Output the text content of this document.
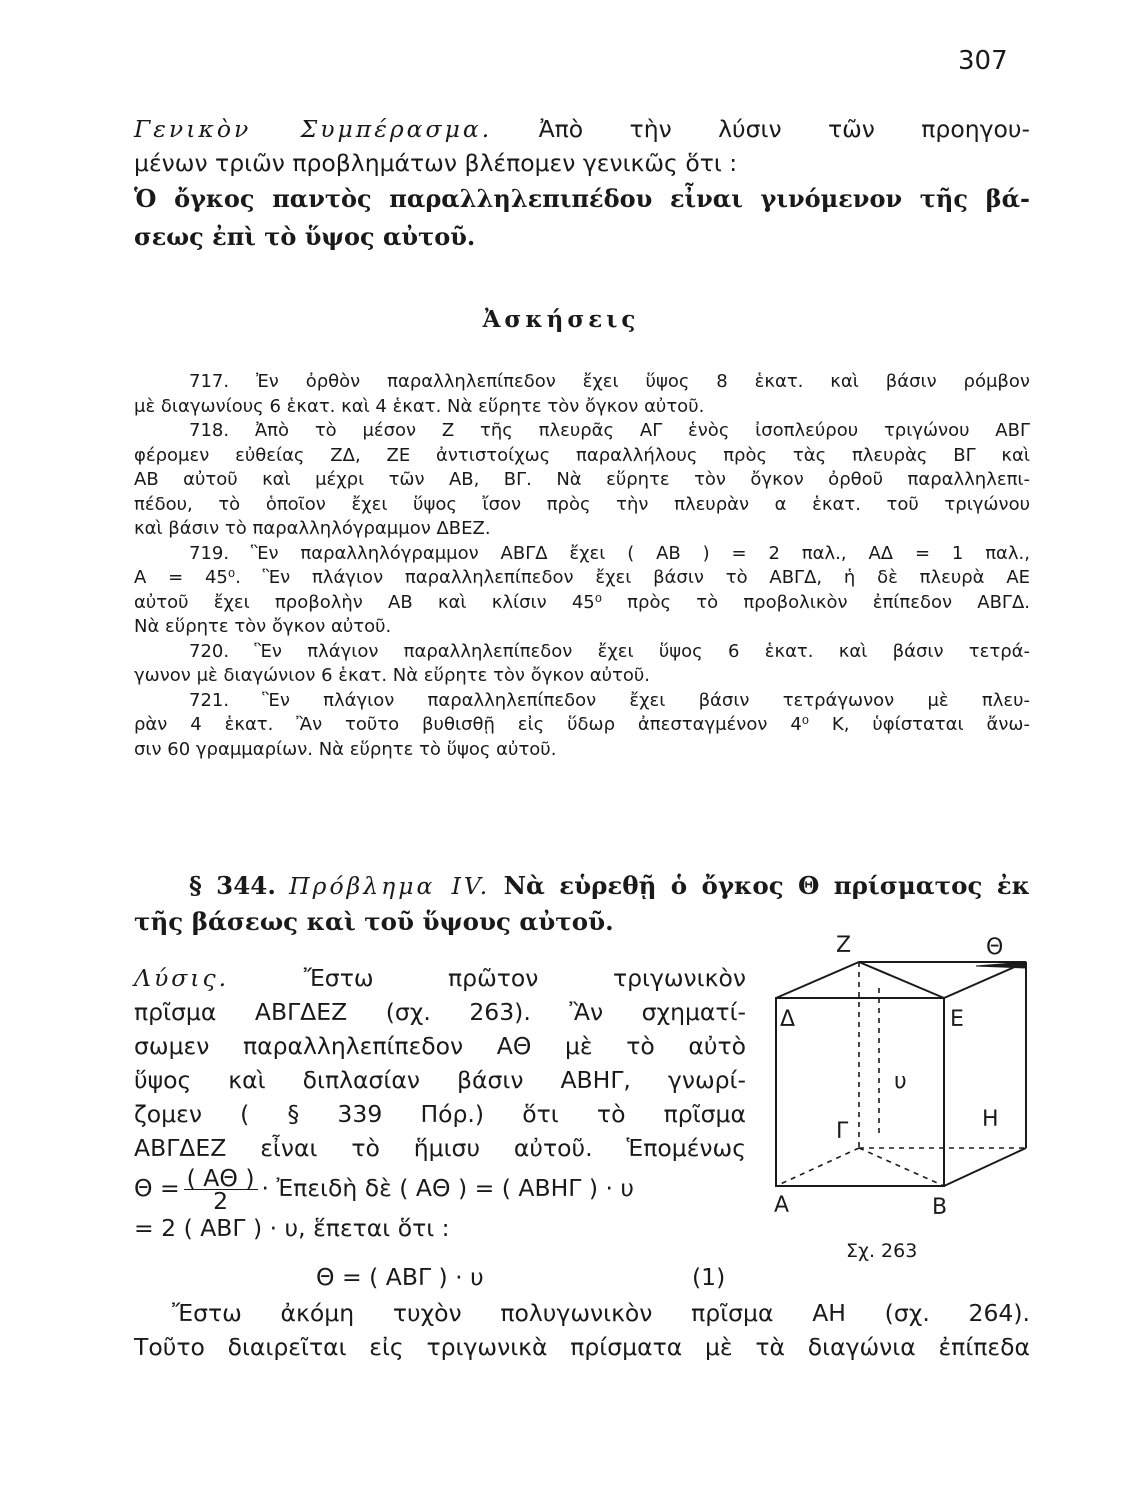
307
Γενικὸν Συμπέρασμα. Ἀπὸ τὴν λύσιν τῶν προηγου-
μένων τριῶν προβλημάτων βλέπομεν γενικῶς ὅτι :
Ὁ ὄγκος παντὸς παραλληλεπιπέδου εἶναι γινόμενον τῆς βά-
σεως ἐπὶ τὸ ὕψος αὐτοῦ.
Ἀσκήσεις
717. Ἐν ὀρθὸν παραλληλεπίπεδον ἔχει ὕψος 8 ἑκατ. καὶ βάσιν ρόμβον
μὲ διαγωνίους 6 ἑκατ. καὶ 4 ἑκατ. Νὰ εὕρητε τὸν ὄγκον αὐτοῦ.
718. Ἀπὸ τὸ μέσον Ζ τῆς πλευρᾶς ΑΓ ἑνὸς ἰσοπλεύρου τριγώνου ΑΒΓ
φέρομεν εὐθείας ΖΔ, ΖΕ ἀντιστοίχως παραλλήλους πρὸς τὰς πλευρὰς ΒΓ καὶ
ΑΒ αὐτοῦ καὶ μέχρι τῶν ΑΒ, ΒΓ. Νὰ εὕρητε τὸν ὄγκον ὀρθοῦ παραλληλεπι-
πέδου, τὸ ὁποῖον ἔχει ὕψος ἴσον πρὸς τὴν πλευρὰν α ἑκατ. τοῦ τριγώνου
καὶ βάσιν τὸ παραλληλόγραμμον ΔΒΕΖ.
719. Ἓν παραλληλόγραμμον ΑΒΓΔ ἔχει ( ΑΒ ) = 2 παλ., ΑΔ = 1 παλ.,
Α = 45⁰. Ἓν πλάγιον παραλληλεπίπεδον ἔχει βάσιν τὸ ΑΒΓΔ, ἡ δὲ πλευρὰ ΑΕ
αὐτοῦ ἔχει προβολὴν ΑΒ καὶ κλίσιν 45⁰ πρὸς τὸ προβολικὸν ἐπίπεδον ΑΒΓΔ.
Νὰ εὕρητε τὸν ὄγκον αὐτοῦ.
720. Ἓν πλάγιον παραλληλεπίπεδον ἔχει ὕψος 6 ἑκατ. καὶ βάσιν τετρά-
γωνον μὲ διαγώνιον 6 ἑκατ. Νὰ εὕρητε τὸν ὄγκον αὐτοῦ.
721. Ἓν πλάγιον παραλληλεπίπεδον ἔχει βάσιν τετράγωνον μὲ πλευ-
ρὰν 4 ἑκατ. Ἂν τοῦτο βυθισθῇ εἰς ὕδωρ ἀπεσταγμένον 4⁰ Κ, ὑφίσταται ἄνω-
σιν 60 γραμμαρίων. Νὰ εὕρητε τὸ ὕψος αὐτοῦ.
§ 344. Πρόβλημα IV. Νὰ εὑρεθῇ ὁ ὄγκος Θ πρίσματος ἐκ
τῆς βάσεως καὶ τοῦ ὕψους αὐτοῦ.
Λύσις.	Ἔστω πρῶτον τριγωνικὸν
πρῖσμα ΑΒΓΔΕΖ (σχ. 263). Ἂν σχηματί-
σωμεν παραλληλεπίπεδον ΑΘ μὲ τὸ αὐτὸ
ὕψος καὶ διπλασίαν βάσιν ΑΒΗΓ, γνωρί-
ζομεν ( § 339 Πόρ.) ὅτι τὸ πρῖσμα
ΑΒΓΔΕΖ εἶναι τὸ ἥμισυ αὐτοῦ. Ἑπομένως
$\Theta = \frac{( A\Theta )}{2}$ · Ἐπειδὴ δὲ ( ΑΘ ) = ( ΑΒΗΓ ) · υ
= 2 ( ΑΒΓ ) · υ, ἕπεται ὅτι :
Θ = ( ΑΒΓ ) · υ	(1)
Ζ	Θ
Δ	Ε
υ
Γ	Η
Α	Β
Σχ. 263
Ἔστω ἀκόμη τυχὸν πολυγωνικὸν πρῖσμα ΑΗ (σχ. 264).
Τοῦτο διαιρεῖται εἰς τριγωνικὰ πρίσματα μὲ τὰ διαγώνια ἐπίπεδα
